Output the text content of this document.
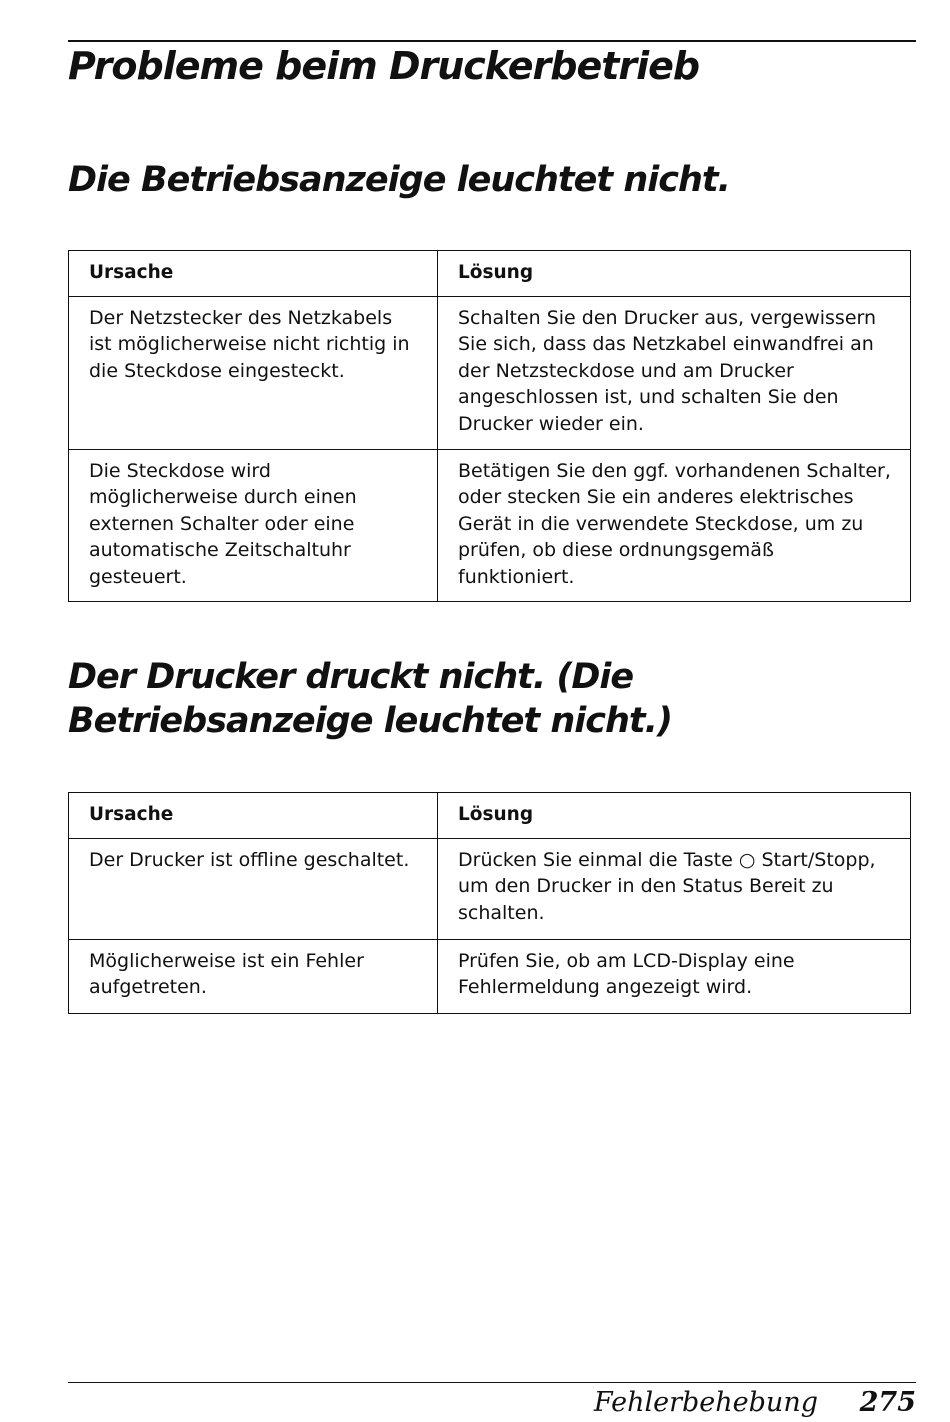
Probleme beim Druckerbetrieb
Die Betriebsanzeige leuchtet nicht.
Ursache	Lösung
Der Netzstecker des Netzkabels ist möglicherweise nicht richtig in die Steckdose eingesteckt.	Schalten Sie den Drucker aus, vergewissern Sie sich, dass das Netzkabel einwandfrei an der Netzsteckdose und am Drucker angeschlossen ist, und schalten Sie den Drucker wieder ein.
Die Steckdose wird möglicherweise durch einen externen Schalter oder eine automatische Zeitschaltuhr gesteuert.	Betätigen Sie den ggf. vorhandenen Schalter, oder stecken Sie ein anderes elektrisches Gerät in die verwendete Steckdose, um zu prüfen, ob diese ordnungsgemäß funktioniert.
Der Drucker druckt nicht. (Die Betriebsanzeige leuchtet nicht.)
Ursache	Lösung
Der Drucker ist offline geschaltet.	Drücken Sie einmal die Taste ○ Start/Stopp, um den Drucker in den Status Bereit zu schalten.
Möglicherweise ist ein Fehler aufgetreten.	Prüfen Sie, ob am LCD-Display eine Fehlermeldung angezeigt wird.
Fehlerbehebung 275
